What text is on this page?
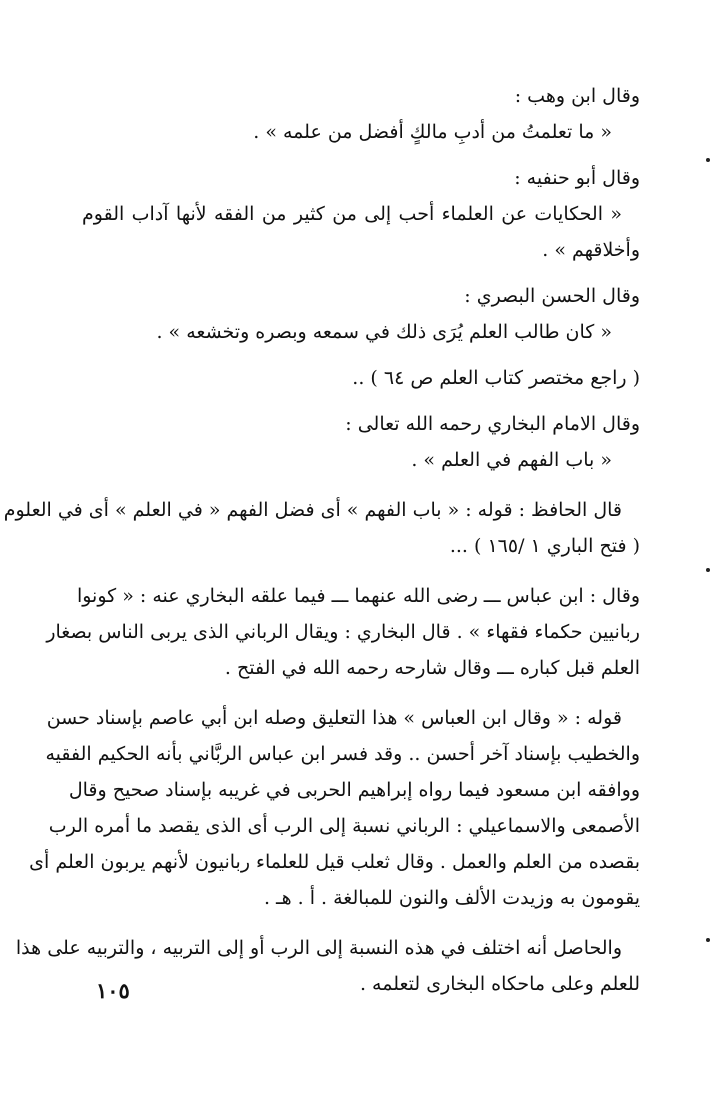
وقال ابن وهب :
« ما تعلمتُ من أدبِ مالكٍ أفضل من علمه » .
وقال أبو حنفيه :
« الحكايات عن العلماء أحب إلى من كثير من الفقه لأنها آداب القوم
وأخلاقهم » .
وقال الحسن البصري :
« كان طالب العلم يُرَى ذلك في سمعه وبصره وتخشعه » .
( راجع مختصر كتاب العلم ص ٦٤ ) ..
وقال الامام البخاري رحمه الله تعالى :
« باب الفهم في العلم » .
قال الحافظ : قوله : « باب الفهم » أى فضل الفهم « في العلم » أى في العلوم
( فتح الباري ١ /١٦٥ ) ...
وقال : ابن عباس ـــ رضى الله عنهما ـــ فيما علقه البخاري عنه : « كونوا
ربانيين حكماء فقهاء » . قال البخاري : ويقال الرباني الذى يربى الناس بصغار
العلم قبل كباره ـــ وقال شارحه رحمه الله في الفتح .
قوله : « وقال ابن العباس » هذا التعليق وصله ابن أبي عاصم بإسناد حسن
والخطيب بإسناد آخر أحسن .. وقد فسر ابن عباس الربَّاني بأنه الحكيم الفقيه
ووافقه ابن مسعود فيما رواه إبراهيم الحربى في غريبه بإسناد صحيح وقال
الأصمعى والاسماعيلي : الرباني نسبة إلى الرب أى الذى يقصد ما أمره الرب
بقصده من العلم والعمل . وقال ثعلب قيل للعلماء ربانيون لأنهم يربون العلم أى
يقومون به وزيدت الألف والنون للمبالغة . أ . هـ .
والحاصل أنه اختلف في هذه النسبة إلى الرب أو إلى التربيه ، والتربيه على هذا
للعلم وعلى ماحكاه البخارى لتعلمه .
١٠٥
